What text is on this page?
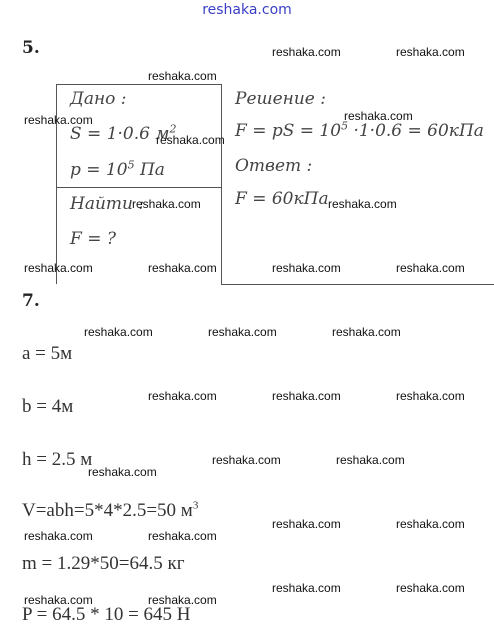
reshaka.com
5.
Дано :
S = 1·0.6 $м^2$
$p = 10^5$ Па
Найти :
F = ?
Решение :
F = pS = $10^5 \cdot 1\cdot 0.6 = 60кПа$
Ответ :
F = 60кПа
7.
a = 5м
b = 4м
h = 2.5 м
V=abh=5*4*2.5=50 $м^3$
m = 1.29*50=64.5 кг
P = 64.5 * 10 = 645 Н
reshaka.com	reshaka.com
reshaka.com
reshaka.com	reshaka.com
reshaka.com
reshaka.com	reshaka.com
reshaka.com	reshaka.com	reshaka.com	reshaka.com
reshaka.com	reshaka.com	reshaka.com
reshaka.com	reshaka.com	reshaka.com
reshaka.com	reshaka.com
reshaka.com
reshaka.com	reshaka.com
reshaka.com	reshaka.com
reshaka.com	reshaka.com
reshaka.com	reshaka.com
